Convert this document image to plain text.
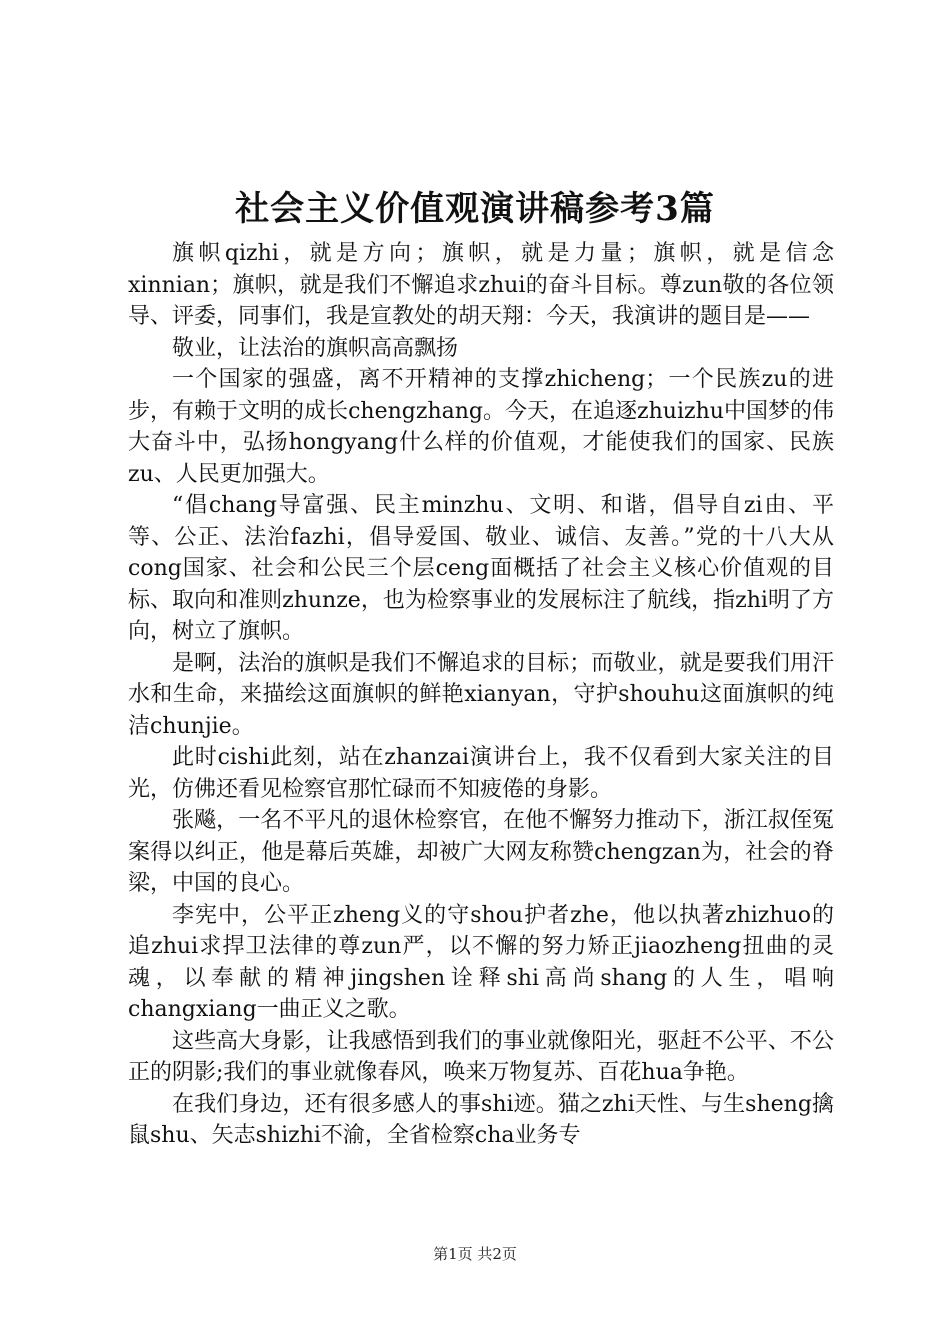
社会主义价值观演讲稿参考3篇

旗帜qizhi，就是方向；旗帜，就是力量；旗帜，就是信念xinnian；旗帜，就是我们不懈追求zhui的奋斗目标。尊zun敬的各位领导、评委，同事们，我是宣教处的胡天翔：今天，我演讲的题目是——

敬业，让法治的旗帜高高飘扬

一个国家的强盛，离不开精神的支撑zhicheng；一个民族zu的进步，有赖于文明的成长chengzhang。今天，在追逐zhuizhu中国梦的伟大奋斗中，弘扬hongyang什么样的价值观，才能使我们的国家、民族zu、人民更加强大。

“倡chang导富强、民主minzhu、文明、和谐，倡导自zi由、平等、公正、法治fazhi，倡导爱国、敬业、诚信、友善。”党的十八大从cong国家、社会和公民三个层ceng面概括了社会主义核心价值观的目标、取向和准则zhunze，也为检察事业的发展标注了航线，指zhi明了方向，树立了旗帜。

是啊，法治的旗帜是我们不懈追求的目标；而敬业，就是要我们用汗水和生命，来描绘这面旗帜的鲜艳xianyan，守护shouhu这面旗帜的纯洁chunjie。

此时cishi此刻，站在zhanzai演讲台上，我不仅看到大家关注的目光，仿佛还看见检察官那忙碌而不知疲倦的身影。

张飚，一名不平凡的退休检察官，在他不懈努力推动下，浙江叔侄冤案得以纠正，他是幕后英雄，却被广大网友称赞chengzan为，社会的脊梁，中国的良心。

李宪中，公平正zheng义的守shou护者zhe，他以执著zhizhuo的追zhui求捍卫法律的尊zun严，以不懈的努力矫正jiaozheng扭曲的灵魂，以奉献的精神jingshen诠释shi高尚shang的人生，唱响changxiang一曲正义之歌。

这些高大身影，让我感悟到我们的事业就像阳光，驱赶不公平、不公正的阴影;我们的事业就像春风，唤来万物复苏、百花hua争艳。

在我们身边，还有很多感人的事shi迹。猫之zhi天性、与生sheng擒鼠shu、矢志shizhi不渝，全省检察cha业务专

第1页 共2页
